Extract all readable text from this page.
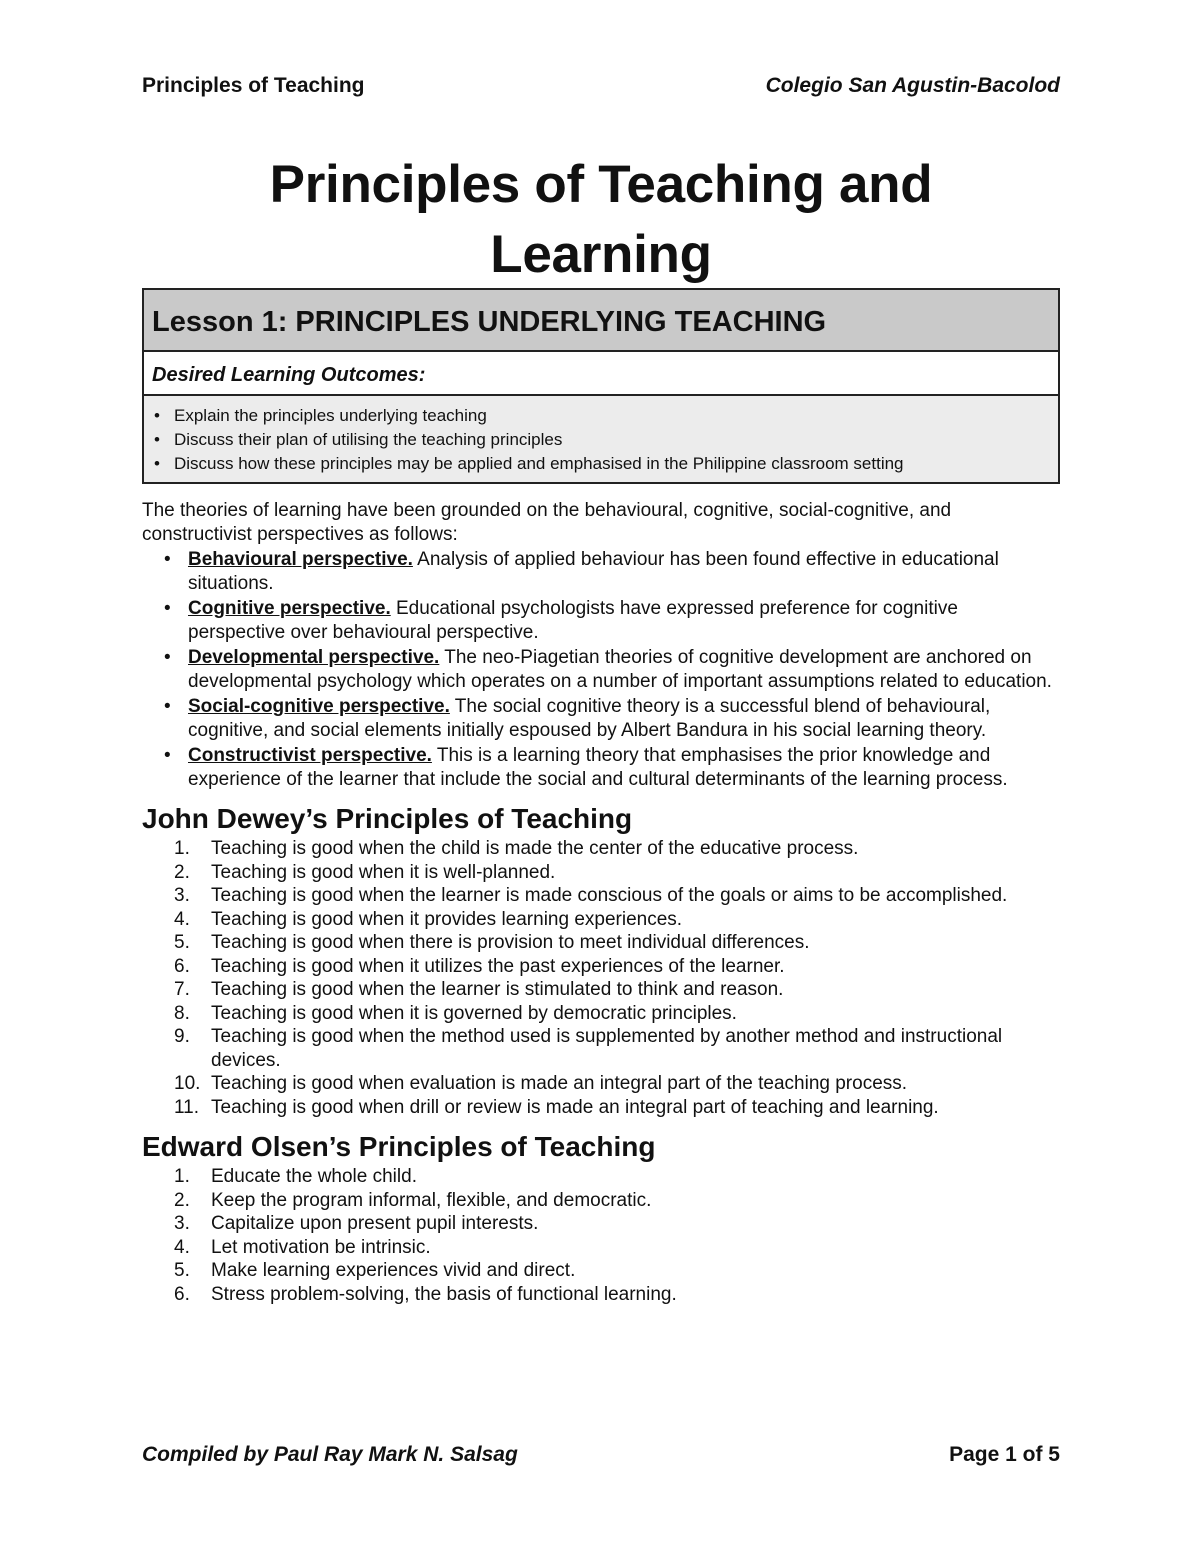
Principles of Teaching	Colegio San Agustin-Bacolod
Principles of Teaching and
Learning
Lesson 1: PRINCIPLES UNDERLYING TEACHING
Desired Learning Outcomes:
• Explain the principles underlying teaching
• Discuss their plan of utilising the teaching principles
• Discuss how these principles may be applied and emphasised in the Philippine classroom setting

The theories of learning have been grounded on the behavioural, cognitive, social-cognitive, and constructivist perspectives as follows:

• Behavioural perspective. Analysis of applied behaviour has been found effective in educational situations.
• Cognitive perspective. Educational psychologists have expressed preference for cognitive perspective over behavioural perspective.
• Developmental perspective. The neo-Piagetian theories of cognitive development are anchored on developmental psychology which operates on a number of important assumptions related to education.
• Social-cognitive perspective. The social cognitive theory is a successful blend of behavioural, cognitive, and social elements initially espoused by Albert Bandura in his social learning theory.
• Constructivist perspective. This is a learning theory that emphasises the prior knowledge and experience of the learner that include the social and cultural determinants of the learning process.
John Dewey’s Principles of Teaching
1. Teaching is good when the child is made the center of the educative process.
2. Teaching is good when it is well-planned.
3. Teaching is good when the learner is made conscious of the goals or aims to be accomplished.
4. Teaching is good when it provides learning experiences.
5. Teaching is good when there is provision to meet individual differences.
6. Teaching is good when it utilizes the past experiences of the learner.
7. Teaching is good when the learner is stimulated to think and reason.
8. Teaching is good when it is governed by democratic principles.
9. Teaching is good when the method used is supplemented by another method and instructional devices.
10. Teaching is good when evaluation is made an integral part of the teaching process.
11. Teaching is good when drill or review is made an integral part of teaching and learning.
Edward Olsen’s Principles of Teaching
1. Educate the whole child.
2. Keep the program informal, flexible, and democratic.
3. Capitalize upon present pupil interests.
4. Let motivation be intrinsic.
5. Make learning experiences vivid and direct.
6. Stress problem-solving, the basis of functional learning.
Compiled by Paul Ray Mark N. Salsag	Page 1 of 5
